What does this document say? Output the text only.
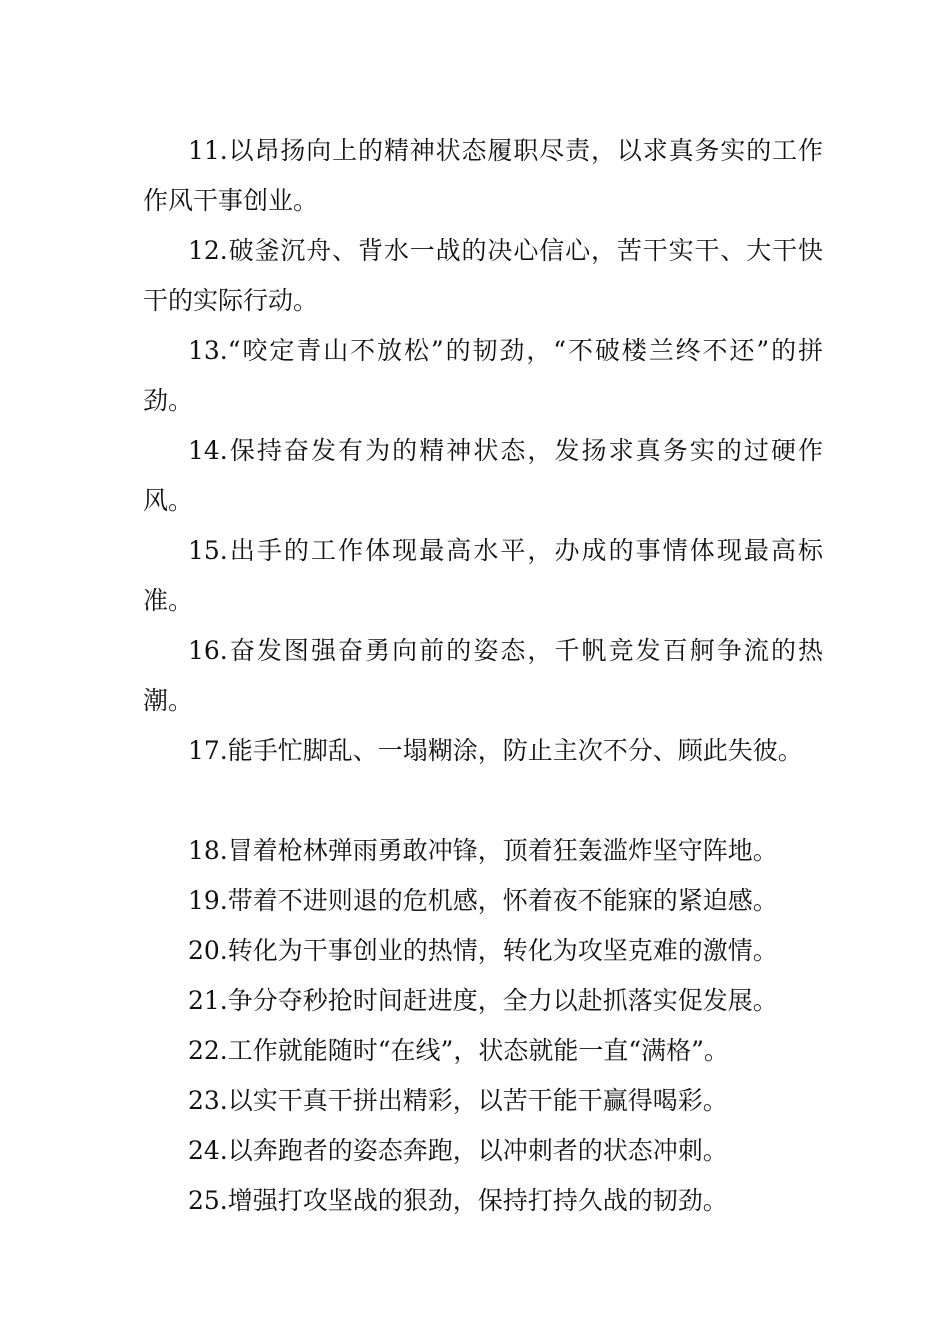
11.以昂扬向上的精神状态履职尽责，以求真务实的工作作风干事创业。

12.破釜沉舟、背水一战的决心信心，苦干实干、大干快干的实际行动。

13.“咬定青山不放松”的韧劲，“不破楼兰终不还”的拼劲。

14.保持奋发有为的精神状态，发扬求真务实的过硬作风。

15.出手的工作体现最高水平，办成的事情体现最高标准。

16.奋发图强奋勇向前的姿态，千帆竞发百舸争流的热潮。

17.能手忙脚乱、一塌糊涂，防止主次不分、顾此失彼。

18.冒着枪林弹雨勇敢冲锋，顶着狂轰滥炸坚守阵地。

19.带着不进则退的危机感，怀着夜不能寐的紧迫感。

20.转化为干事创业的热情，转化为攻坚克难的激情。

21.争分夺秒抢时间赶进度，全力以赴抓落实促发展。

22.工作就能随时“在线”，状态就能一直“满格”。

23.以实干真干拼出精彩，以苦干能干赢得喝彩。

24.以奔跑者的姿态奔跑，以冲刺者的状态冲刺。

25.增强打攻坚战的狠劲，保持打持久战的韧劲。
